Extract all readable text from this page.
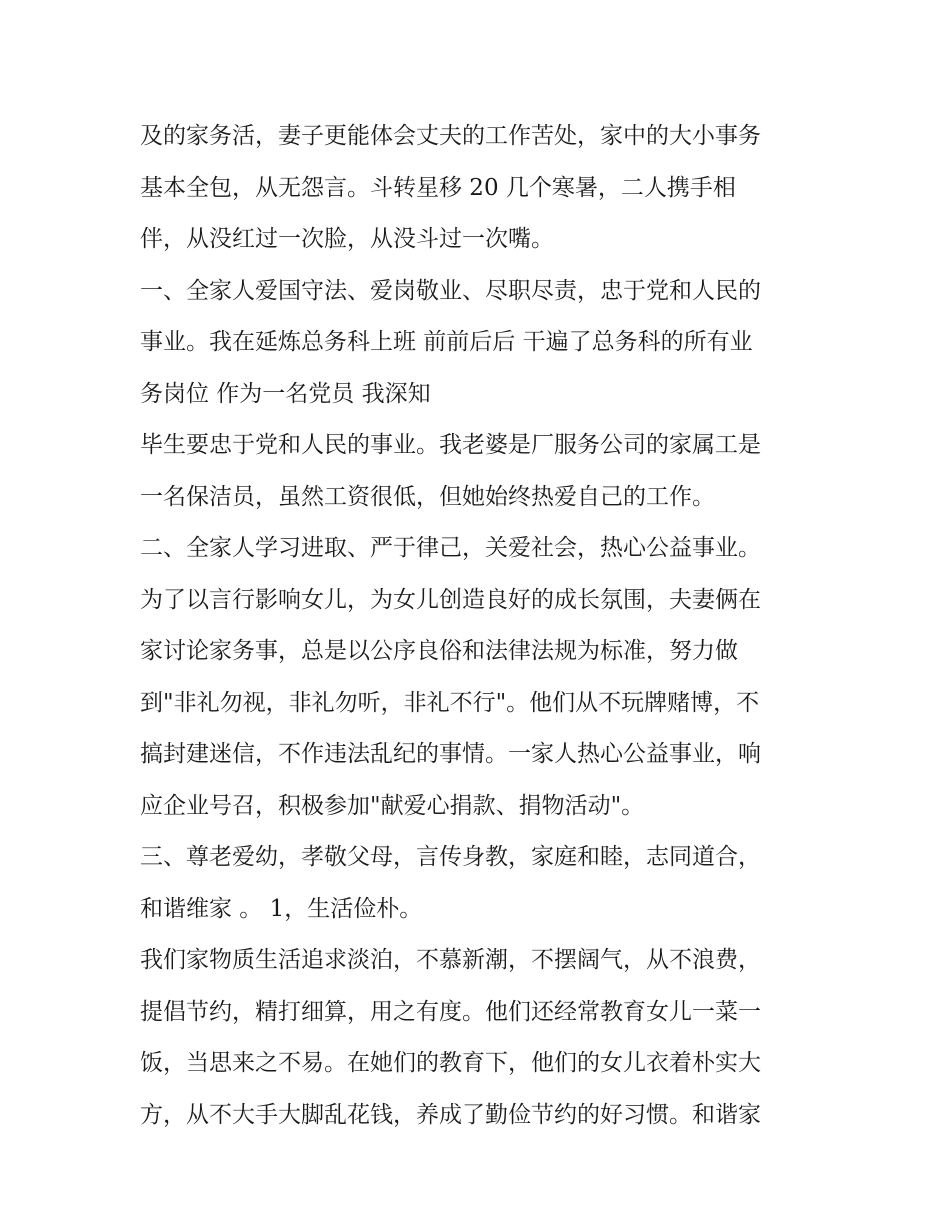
及的家务活，妻子更能体会丈夫的工作苦处，家中的大小事务
基本全包，从无怨言。斗转星移 20 几个寒暑，二人携手相
伴，从没红过一次脸，从没斗过一次嘴。
一、全家人爱国守法、爱岗敬业、尽职尽责，忠于党和人民的
事业。我在延炼总务科上班 前前后后 干遍了总务科的所有业
务岗位 作为一名党员 我深知
毕生要忠于党和人民的事业。我老婆是厂服务公司的家属工是
一名保洁员，虽然工资很低，但她始终热爱自己的工作。
二、全家人学习进取、严于律己，关爱社会，热心公益事业。
为了以言行影响女儿，为女儿创造良好的成长氛围，夫妻俩在
家讨论家务事，总是以公序良俗和法律法规为标准，努力做
到"非礼勿视，非礼勿听，非礼不行"。他们从不玩牌赌博，不
搞封建迷信，不作违法乱纪的事情。一家人热心公益事业，响
应企业号召，积极参加"献爱心捐款、捐物活动"。
三、尊老爱幼，孝敬父母，言传身教，家庭和睦，志同道合，
和谐维家 。 1，生活俭朴。
我们家物质生活追求淡泊，不慕新潮，不摆阔气，从不浪费，
提倡节约，精打细算，用之有度。他们还经常教育女儿一菜一
饭，当思来之不易。在她们的教育下，他们的女儿衣着朴实大
方，从不大手大脚乱花钱，养成了勤俭节约的好习惯。和谐家
